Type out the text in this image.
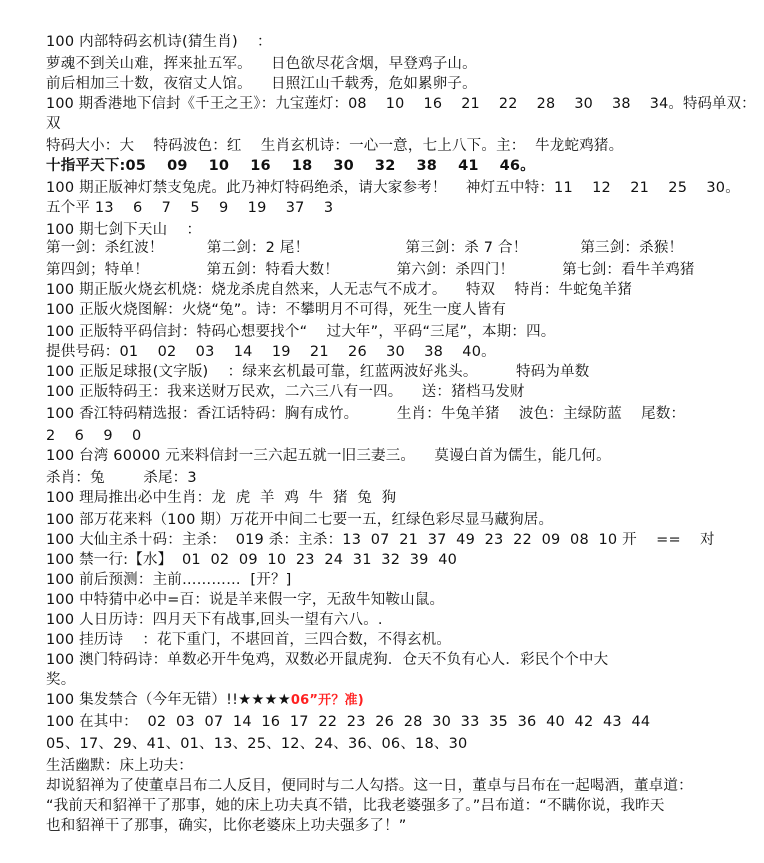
100 内部特码玄机诗(猜生肖)    ：
萝魂不到关山难，挥来扯五军。    日色欲尽花含烟，早登鸡子山。
前后相加三十数，夜宿丈人馆。    日照江山千载秀，危如累卵子。
100 期香港地下信封《千王之王》：九宝莲灯：08    10    16    21    22    28    30    38    34。特码单双：
双
特码大小：大    特码波色：红    生肖玄机诗：一心一意，七上八下。主：  牛龙蛇鸡猪。
十指平天下:05    09    10    16    18    30    32    38    41    46。
100 期正版神灯禁支兔虎。此乃神灯特码绝杀，请大家参考！    神灯五中特：11    12    21    25    30。
五个平 13    6    7    5    9    19    37    3
100 期七剑下天山    ：
第一剑：杀红波！         第二剑：2 尾！                    第三剑：杀 7 合！           第三剑：杀猴！
第四剑；特单！            第五剑：特看大数！            第六剑：杀四门！          第七剑：看牛羊鸡猪
100 期正版火烧玄机烧：烧龙杀虎自然来，人无志气不成才。    特双    特肖：牛蛇兔羊猪
100 正版火烧图解：火烧“兔”。诗：不攀明月不可得，死生一度人皆有
100 正版特平码信封：特码心想要找个“    过大年”，平码“三尾”，本期：四。
提供号码：01    02    03    14    19    21    26    30    38    40。
100 正版足球报(文字版)    ：绿来玄机最可靠，红蓝两波好兆头。        特码为单数
100 正版特码王：我来送财万民欢，二六三八有一四。    送：猪档马发财
100 香江特码精选报：香江话特码：胸有成竹。        生肖：牛兔羊猪    波色：主绿防蓝    尾数：
2    6    9    0
100 台湾 60000 元来料信封一三六起五就一旧三妻三。    莫谩白首为儒生，能几何。
杀肖：兔        杀尾：3
100 理局推出必中生肖：龙  虎  羊  鸡  牛  猪  兔  狗
100 部万花来料（100 期）万花开中间二七要一五，红绿色彩尽显马藏狗居。
100 大仙主杀十码：主杀：  019 杀：主杀：13  07  21  37  49  23  22  09  08  10 开    ==    对
100 禁一行:【水】  01  02  09  10  23  24  31  32  39  40
100 前后预测：主前…………  [开？]
100 中特猜中必中=百：说是羊来假一字，无敌牛知鞍山鼠。
100 人日历诗：四月天下有战事,回头一望有六八。.
100 挂历诗    ：花下重门，不堪回首，三四合数，不得玄机。
100 澳门特码诗：单数必开牛兔鸡，双数必开鼠虎狗．仓天不负有心人．彩民个个中大
奖。
100 集发禁合（今年无错）!!★★★★06”开？准)
100 在其中：  02  03  07  14  16  17  22  23  26  28  30  33  35  36  40  42  43  44
05、17、29、41、01、13、25、12、24、36、06、18、30
生活幽默：床上功夫：
却说貂禅为了使董卓吕布二人反目，便同时与二人勾搭。这一日，董卓与吕布在一起喝酒，董卓道：
“我前天和貂禅干了那事，她的床上功夫真不错，比我老婆强多了。”吕布道：“不瞒你说，我昨天
也和貂禅干了那事，确实，比你老婆床上功夫强多了！”
